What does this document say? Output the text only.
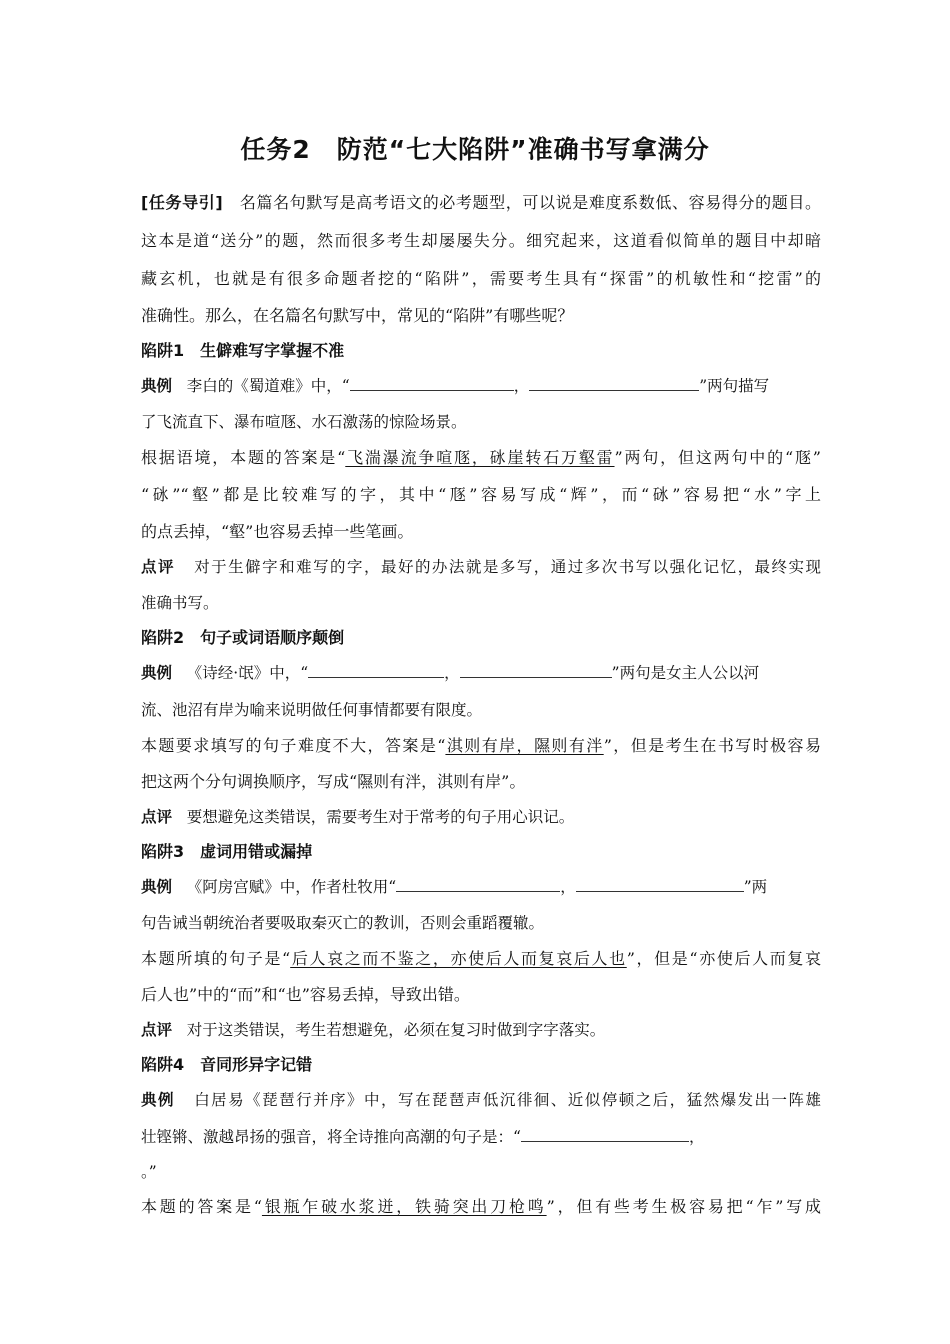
任务2　防范“七大陷阱”准确书写拿满分
[任务导引] 名篇名句默写是高考语文的必考题型，可以说是难度系数低、容易得分的题目。
这本是道“送分”的题，然而很多考生却屡屡失分。细究起来，这道看似简单的题目中却暗
藏玄机，也就是有很多命题者挖的“陷阱”，需要考生具有“探雷”的机敏性和“挖雷”的
准确性。那么，在名篇名句默写中，常见的“陷阱”有哪些呢？
陷阱1　生僻难写字掌握不准
典例 李白的《蜀道难》中，“	，	”两句描写
了飞流直下、瀑布喧豗、水石激荡的惊险场景。
根据语境，本题的答案是“飞湍瀑流争喧豗，砯崖转石万壑雷”两句，但这两句中的“豗”
“砯”“壑”都是比较难写的字，其中“豗”容易写成“辉”，而“砯”容易把“水”字上
的点丢掉，“壑”也容易丢掉一些笔画。
点评 对于生僻字和难写的字，最好的办法就是多写，通过多次书写以强化记忆，最终实现
准确书写。
陷阱2　句子或词语顺序颠倒
典例 《诗经·氓》中，“	，	”两句是女主人公以河
流、池沼有岸为喻来说明做任何事情都要有限度。
本题要求填写的句子难度不大，答案是“淇则有岸，隰则有泮”，但是考生在书写时极容易
把这两个分句调换顺序，写成“隰则有泮，淇则有岸”。
点评 要想避免这类错误，需要考生对于常考的句子用心识记。
陷阱3　虚词用错或漏掉
典例 《阿房宫赋》中，作者杜牧用“	，	”两
句告诫当朝统治者要吸取秦灭亡的教训，否则会重蹈覆辙。
本题所填的句子是“后人哀之而不鉴之，亦使后人而复哀后人也”，但是“亦使后人而复哀
后人也”中的“而”和“也”容易丢掉，导致出错。
点评 对于这类错误，考生若想避免，必须在复习时做到字字落实。
陷阱4　音同形异字记错
典例 白居易《琵琶行并序》中，写在琵琶声低沉徘徊、近似停顿之后，猛然爆发出一阵雄
壮铿锵、激越昂扬的强音，将全诗推向高潮的句子是：“	，
。”
本题的答案是“银瓶乍破水浆迸，铁骑突出刀枪鸣”，但有些考生极容易把“乍”写成
